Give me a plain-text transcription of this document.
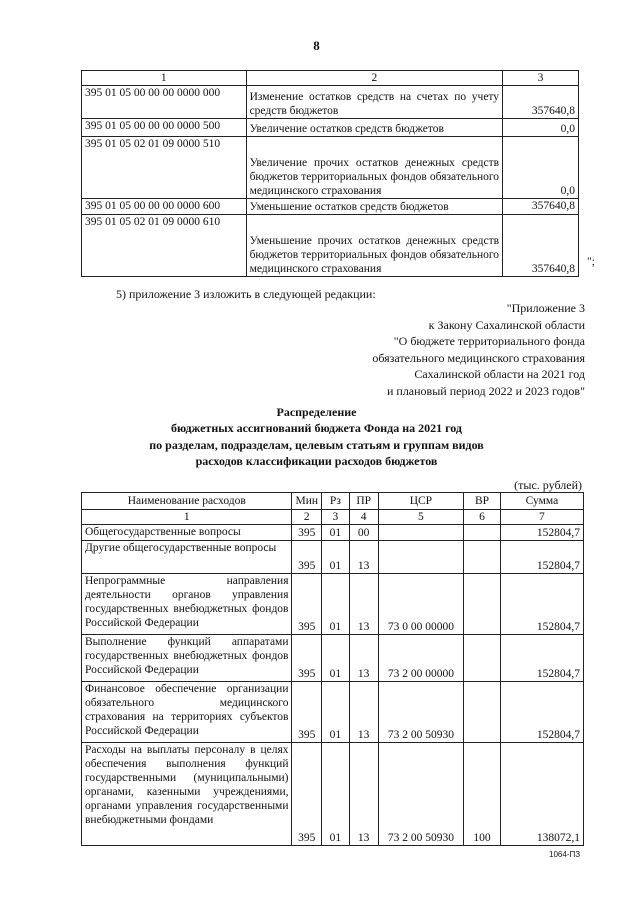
8
1	2	3
395 01 05 00 00 00 0000 000	Изменение остатков средств на счетах по учету средств бюджетов	357640,8
395 01 05 00 00 00 0000 500	Увеличение остатков средств бюджетов	0,0
395 01 05 02 01 09 0000 510	Увеличение прочих остатков денежных средств бюджетов территориальных фондов обязательного медицинского страхования	0,0
395 01 05 00 00 00 0000 600	Уменьшение остатков средств бюджетов	357640,8
395 01 05 02 01 09 0000 610	Уменьшение прочих остатков денежных средств бюджетов территориальных фондов обязательного медицинского страхования	357640,8
";
5) приложение 3 изложить в следующей редакции:
"Приложение 3
к Закону Сахалинской области
"О бюджете территориального фонда
обязательного медицинского страхования
Сахалинской области на 2021 год
и плановый период 2022 и 2023 годов"
Распределение
бюджетных ассигнований бюджета Фонда на 2021 год
по разделам, подразделам, целевым статьям и группам видов
расходов классификации расходов бюджетов
(тыс. рублей)
Наименование расходов	Мин	Рз	ПР	ЦСР	ВР	Сумма
1	2	3	4	5	6	7
Общегосударственные вопросы	395	01	00			152804,7
Другие общегосударственные вопросы	395	01	13			152804,7
Непрограммные направления деятельности органов управления государственных внебюджетных фондов Российской Федерации	395	01	13	73 0 00 00000		152804,7
Выполнение функций аппаратами государственных внебюджетных фондов Российской Федерации	395	01	13	73 2 00 00000		152804,7
Финансовое обеспечение организации обязательного медицинского страхования на территориях субъектов Российской Федерации	395	01	13	73 2 00 50930		152804,7
Расходы на выплаты персоналу в целях обеспечения выполнения функций государственными (муниципальными) органами, казенными учреждениями, органами управления государственными внебюджетными фондами	395	01	13	73 2 00 50930	100	138072,1
1064-ПЗ
